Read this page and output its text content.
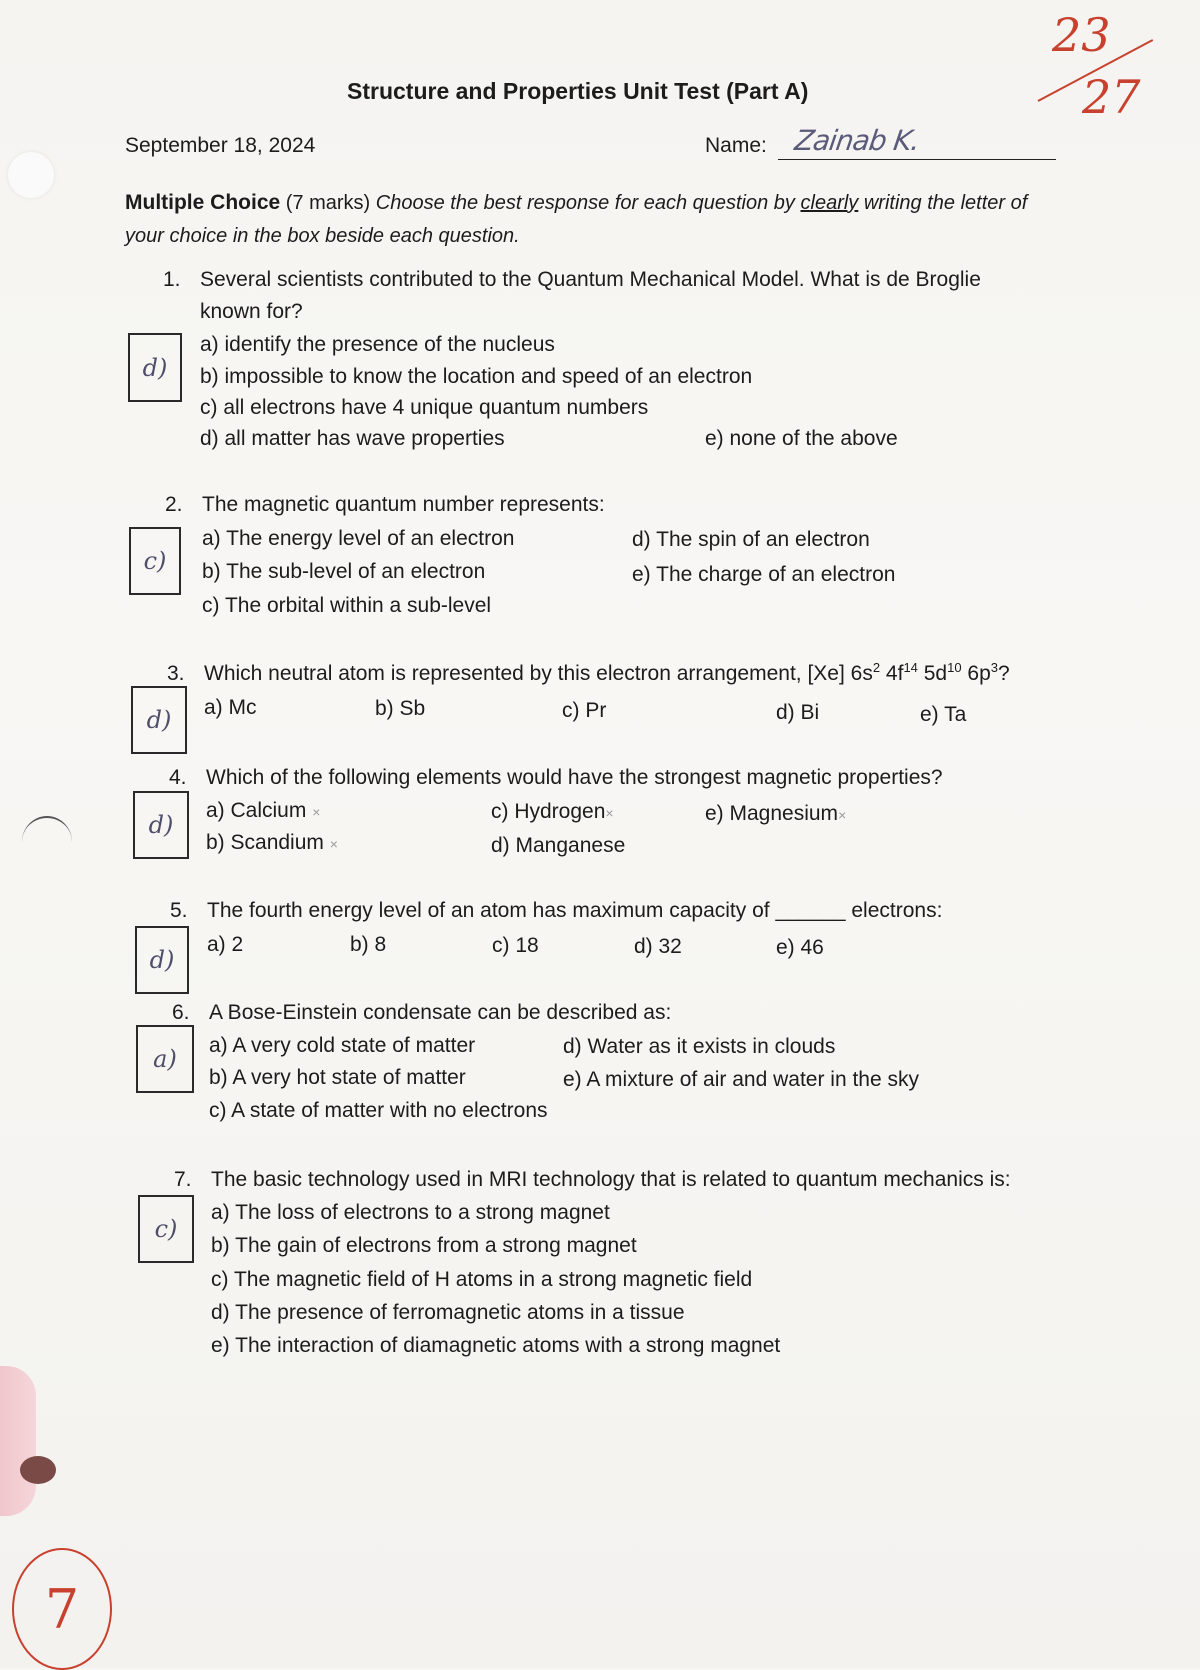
Structure and Properties Unit Test (Part A)
September 18, 2024	Name: Zainab K.
23
27
Multiple Choice (7 marks) Choose the best response for each question by clearly writing the letter of your choice in the box beside each question.
1. Several scientists contributed to the Quantum Mechanical Model. What is de Broglie
known for?
d)
a) identify the presence of the nucleus
b) impossible to know the location and speed of an electron
c) all electrons have 4 unique quantum numbers
d) all matter has wave properties	e) none of the above
2. The magnetic quantum number represents:
c)
a) The energy level of an electron
b) The sub-level of an electron
c) The orbital within a sub-level
d) The spin of an electron
e) The charge of an electron
3. Which neutral atom is represented by this electron arrangement, [Xe] $6s^2$ $4f^{14}$ $5d^{10}$ $6p^3$?
d) a) Mc	b) Sb	c) Pr	d) Bi	e) Ta
4. Which of the following elements would have the strongest magnetic properties?
d)
a) Calcium ×
b) Scandium ×
c) Hydrogen×
d) Manganese
e) Magnesium×
5. The fourth energy level of an atom has maximum capacity of ______ electrons:
d)
a) 2	b) 8	c) 18	d) 32	e) 46
6. A Bose-Einstein condensate can be described as:
a) a) A very cold state of matter
b) A very hot state of matter
c) A state of matter with no electrons
d) Water as it exists in clouds
e) A mixture of air and water in the sky
7. The basic technology used in MRI technology that is related to quantum mechanics is:
c)
a) The loss of electrons to a strong magnet
b) The gain of electrons from a strong magnet
c) The magnetic field of H atoms in a strong magnetic field
d) The presence of ferromagnetic atoms in a tissue
e) The interaction of diamagnetic atoms with a strong magnet
7
